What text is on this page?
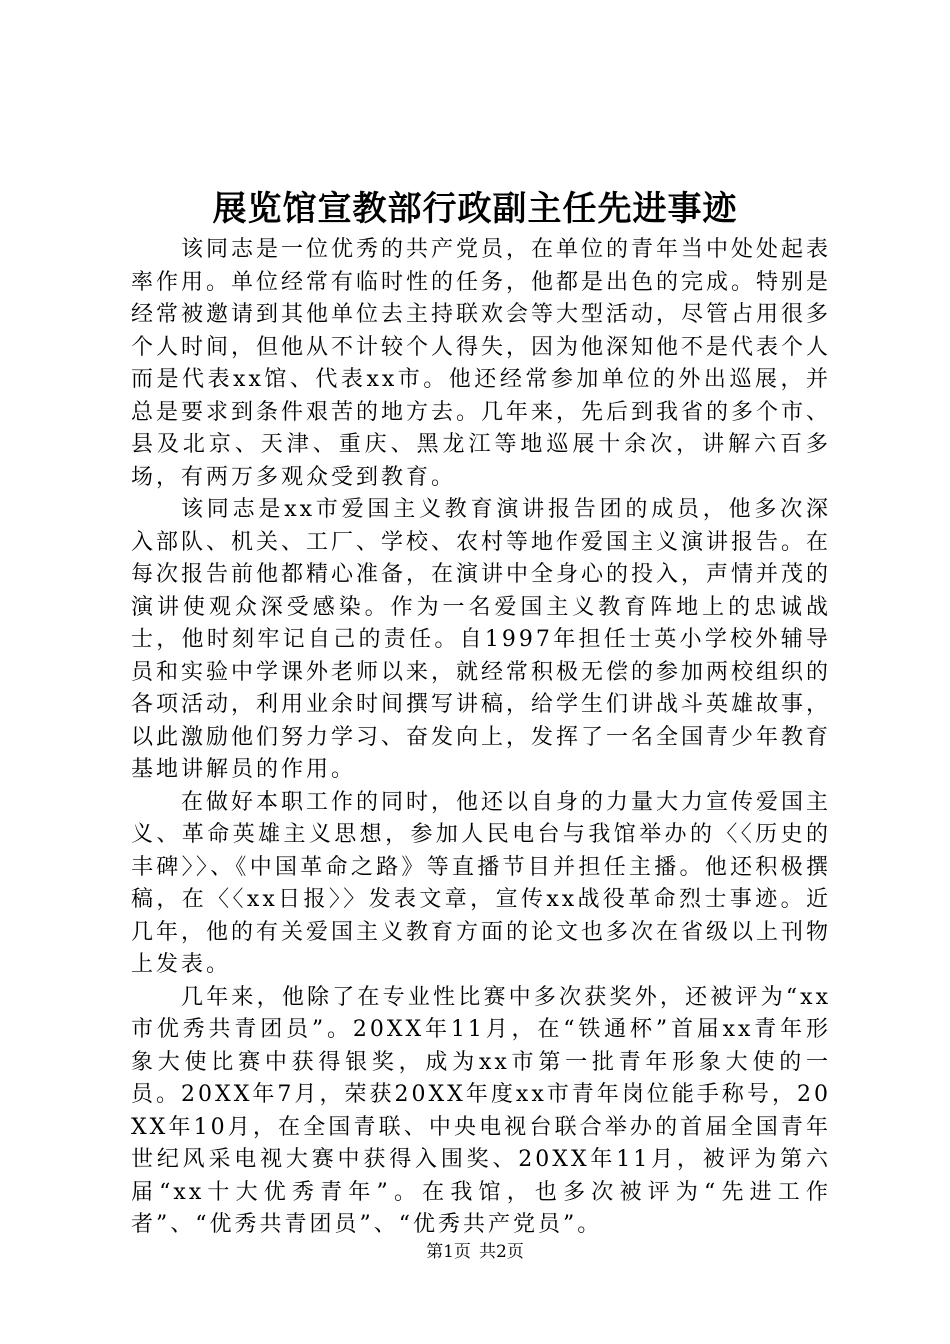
展览馆宣教部行政副主任先进事迹

该同志是一位优秀的共产党员，在单位的青年当中处处起表率作用。单位经常有临时性的任务，他都是出色的完成。特别是经常被邀请到其他单位去主持联欢会等大型活动，尽管占用很多个人时间，但他从不计较个人得失，因为他深知他不是代表个人而是代表xx馆、代表xx市。他还经常参加单位的外出巡展，并总是要求到条件艰苦的地方去。几年来，先后到我省的多个市、县及北京、天津、重庆、黑龙江等地巡展十余次，讲解六百多场，有两万多观众受到教育。

该同志是xx市爱国主义教育演讲报告团的成员，他多次深入部队、机关、工厂、学校、农村等地作爱国主义演讲报告。在每次报告前他都精心准备，在演讲中全身心的投入，声情并茂的演讲使观众深受感染。作为一名爱国主义教育阵地上的忠诚战士，他时刻牢记自己的责任。自1997年担任士英小学校外辅导员和实验中学课外老师以来，就经常积极无偿的参加两校组织的各项活动，利用业余时间撰写讲稿，给学生们讲战斗英雄故事，以此激励他们努力学习、奋发向上，发挥了一名全国青少年教育基地讲解员的作用。

在做好本职工作的同时，他还以自身的力量大力宣传爱国主义、革命英雄主义思想，参加人民电台与我馆举办的〈〈历史的丰碑〉〉、《中国革命之路》等直播节目并担任主播。他还积极撰稿，在〈〈xx日报〉〉发表文章，宣传xx战役革命烈士事迹。近几年，他的有关爱国主义教育方面的论文也多次在省级以上刊物上发表。

几年来，他除了在专业性比赛中多次获奖外，还被评为“xx市优秀共青团员”。20XX年11月，在“铁通杯”首届xx青年形象大使比赛中获得银奖，成为xx市第一批青年形象大使的一员。20XX年7月，荣获20XX年度xx市青年岗位能手称号，20XX年10月，在全国青联、中央电视台联合举办的首届全国青年世纪风采电视大赛中获得入围奖、20XX年11月，被评为第六届“xx十大优秀青年”。在我馆，也多次被评为“先进工作者”、“优秀共青团员”、“优秀共产党员”。

第1页 共2页
